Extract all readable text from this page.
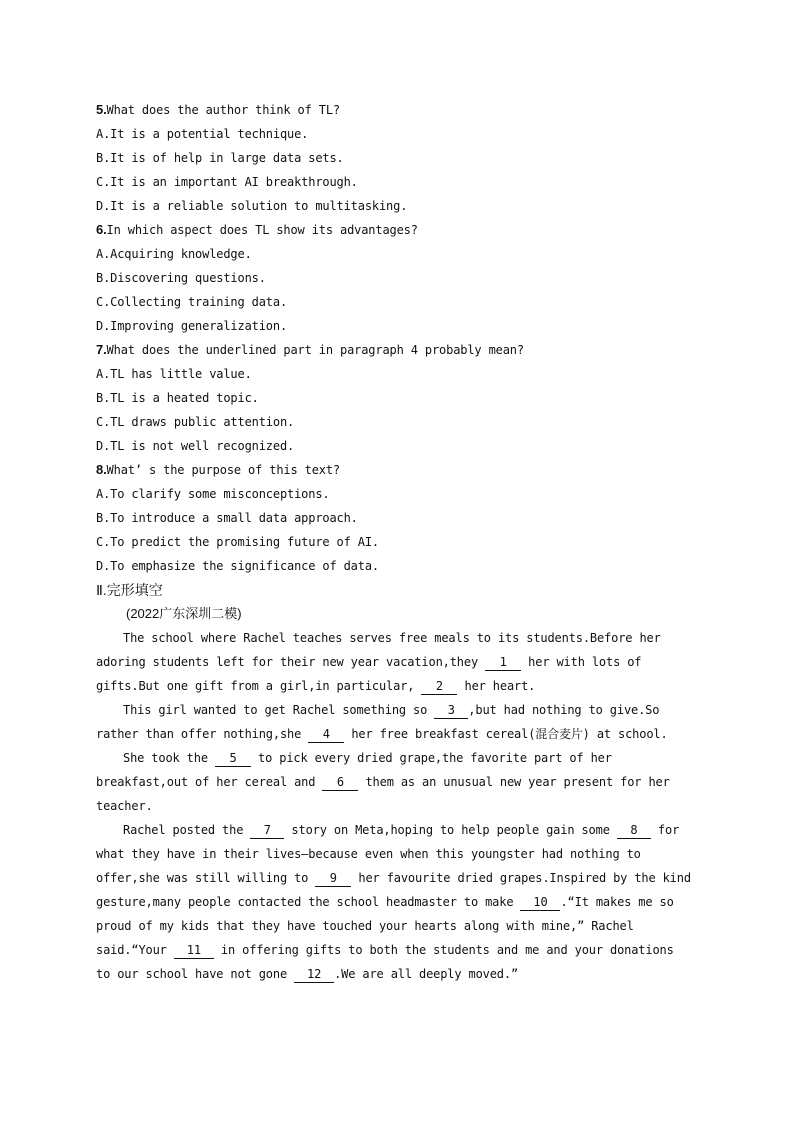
5.What does the author think of TL?
A.It is a potential technique.
B.It is of help in large data sets.
C.It is an important AI breakthrough.
D.It is a reliable solution to multitasking.
6.In which aspect does TL show its advantages?
A.Acquiring knowledge.
B.Discovering questions.
C.Collecting training data.
D.Improving generalization.
7.What does the underlined part in paragraph 4 probably mean?
A.TL has little value.
B.TL is a heated topic.
C.TL draws public attention.
D.TL is not well recognized.
8.What’ s the purpose of this text?
A.To clarify some misconceptions.
B.To introduce a small data approach.
C.To predict the promising future of AI.
D.To emphasize the significance of data.
Ⅱ.完形填空
(2022广东深圳二模)
The school where Rachel teaches serves free meals to its students.Before her
adoring students left for their new year vacation,they 1 her with lots of
gifts.But one gift from a girl,in particular, 2 her heart.
This girl wanted to get Rachel something so 3 ,but had nothing to give.So
rather than offer nothing,she 4 her free breakfast cereal(混合麦片) at school.
She took the 5 to pick every dried grape,the favorite part of her
breakfast,out of her cereal and 6 them as an unusual new year present for her
teacher.
Rachel posted the 7 story on Meta,hoping to help people gain some 8 for
what they have in their lives—because even when this youngster had nothing to
offer,she was still willing to 9 her favourite dried grapes.Inspired by the kind
gesture,many people contacted the school headmaster to make 10 .“It makes me so
proud of my kids that they have touched your hearts along with mine,” Rachel
said.“Your 11 in offering gifts to both the students and me and your donations
to our school have not gone 12 .We are all deeply moved.”
